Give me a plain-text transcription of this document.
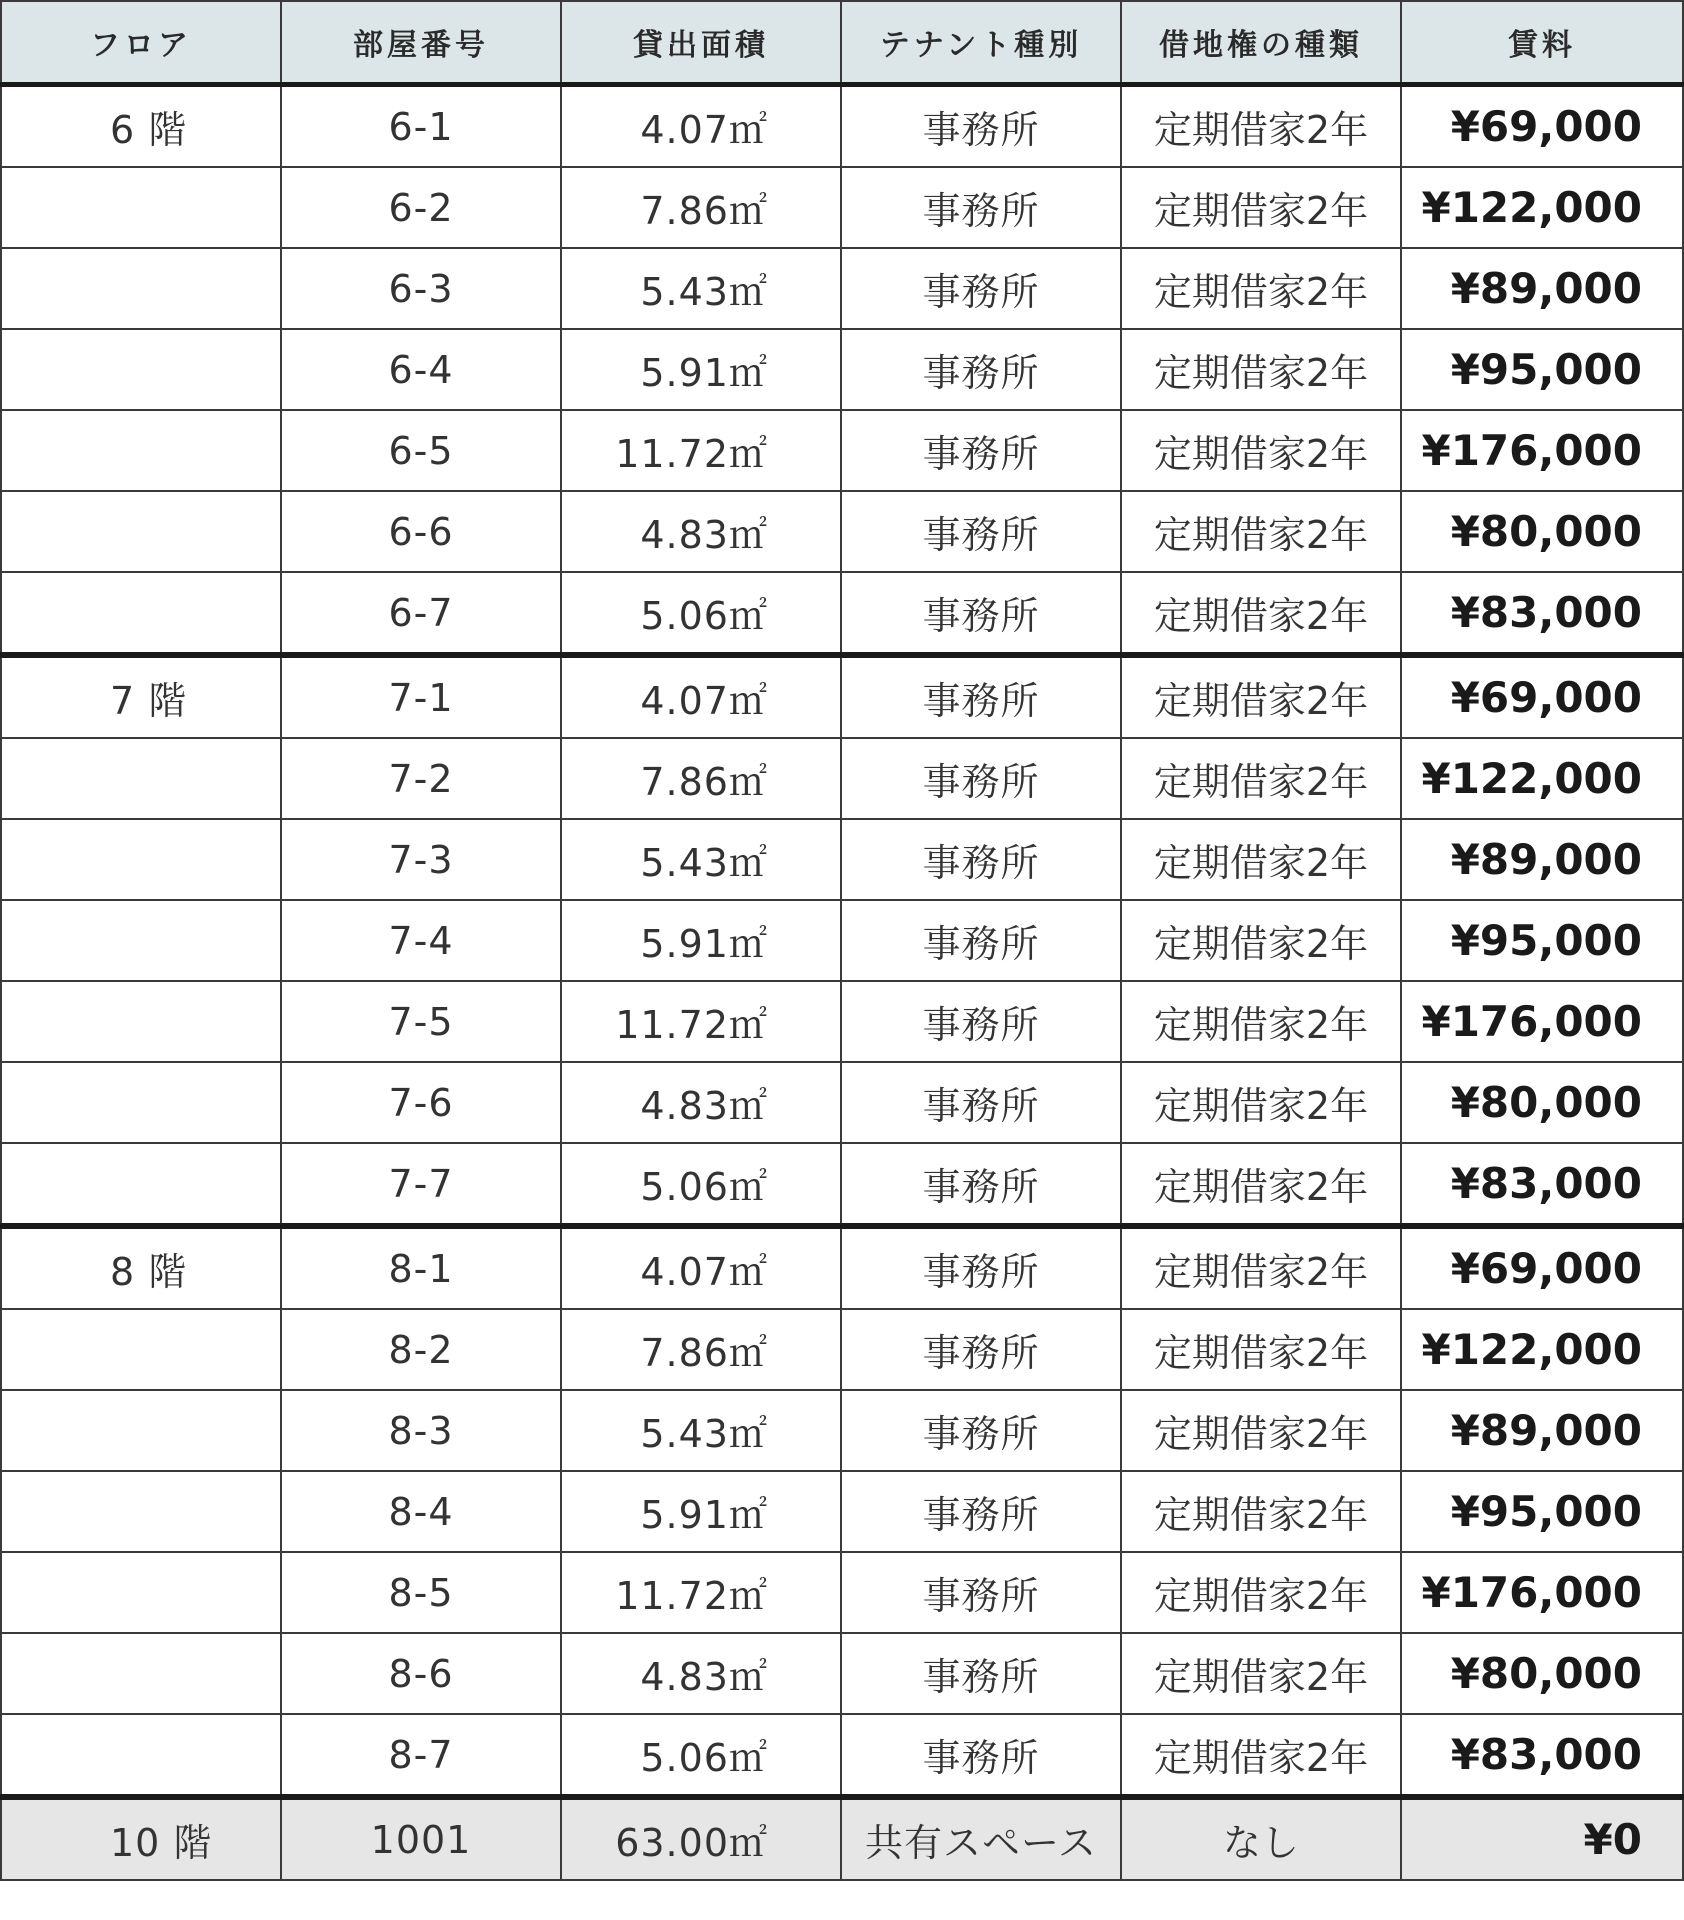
フロア	部屋番号	貸出面積	テナント種別	借地権の種類	賃料
6 階	6-1	4.07㎡	事務所	定期借家2年	¥69,000
	6-2	7.86㎡	事務所	定期借家2年	¥122,000
	6-3	5.43㎡	事務所	定期借家2年	¥89,000
	6-4	5.91㎡	事務所	定期借家2年	¥95,000
	6-5	11.72㎡	事務所	定期借家2年	¥176,000
	6-6	4.83㎡	事務所	定期借家2年	¥80,000
	6-7	5.06㎡	事務所	定期借家2年	¥83,000
7 階	7-1	4.07㎡	事務所	定期借家2年	¥69,000
	7-2	7.86㎡	事務所	定期借家2年	¥122,000
	7-3	5.43㎡	事務所	定期借家2年	¥89,000
	7-4	5.91㎡	事務所	定期借家2年	¥95,000
	7-5	11.72㎡	事務所	定期借家2年	¥176,000
	7-6	4.83㎡	事務所	定期借家2年	¥80,000
	7-7	5.06㎡	事務所	定期借家2年	¥83,000
8 階	8-1	4.07㎡	事務所	定期借家2年	¥69,000
	8-2	7.86㎡	事務所	定期借家2年	¥122,000
	8-3	5.43㎡	事務所	定期借家2年	¥89,000
	8-4	5.91㎡	事務所	定期借家2年	¥95,000
	8-5	11.72㎡	事務所	定期借家2年	¥176,000
	8-6	4.83㎡	事務所	定期借家2年	¥80,000
	8-7	5.06㎡	事務所	定期借家2年	¥83,000
10 階	1001	63.00㎡	共有スペース	なし	¥0
